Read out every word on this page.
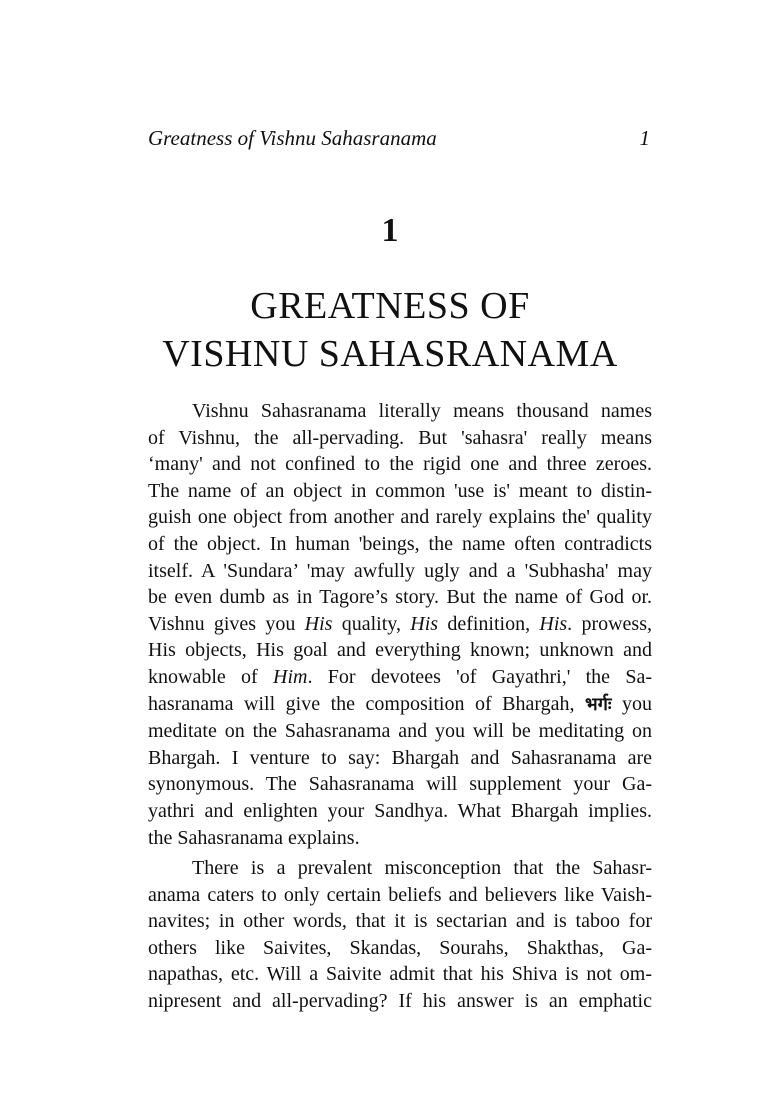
Greatness of Vishnu Sahasranama	1
1
GREATNESS OF
VISHNU SAHASRANAMA
Vishnu Sahasranama literally means thousand names
of Vishnu, the all-pervading. But 'sahasra' really means
‘many' and not confined to the rigid one and three zeroes.
The name of an object in common 'use is' meant to distin-
guish one object from another and rarely explains the' quality
of the object. In human 'beings, the name often contradicts
itself. A 'Sundara’ 'may awfully ugly and a 'Subhasha' may
be even dumb as in Tagore’s story. But the name of God or.
Vishnu gives you His quality, His definition, His. prowess,
His objects, His goal and everything known; unknown and
knowable of Him. For devotees 'of Gayathri,' the Sa-
hasranama will give the composition of Bhargah, भर्गः you
meditate on the Sahasranama and you will be meditating on
Bhargah. I venture to say: Bhargah and Sahasranama are
synonymous. The Sahasranama will supplement your Ga-
yathri and enlighten your Sandhya. What Bhargah implies.
the Sahasranama explains.
There is a prevalent misconception that the Sahasr-
anama caters to only certain beliefs and believers like Vaish-
navites; in other words, that it is sectarian and is taboo for
others like Saivites, Skandas, Sourahs, Shakthas, Ga-
napathas, etc. Will a Saivite admit that his Shiva is not om-
nipresent and all-pervading? If his answer is an emphatic
